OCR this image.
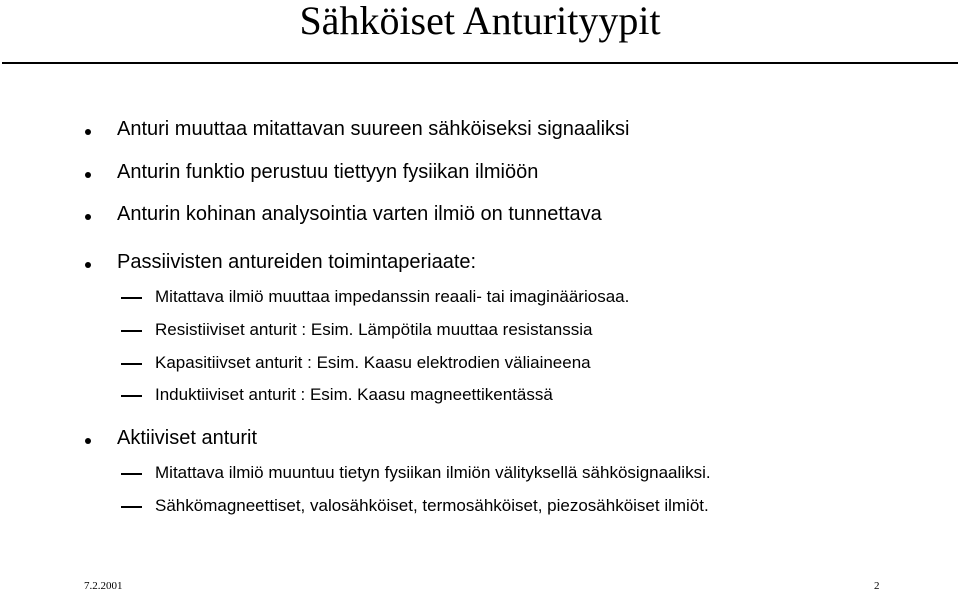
Sähköiset Anturityypit
Anturi muuttaa mitattavan suureen sähköiseksi signaaliksi
Anturin funktio perustuu tiettyyn fysiikan ilmiöön
Anturin kohinan analysointia varten ilmiö on tunnettava
Passiivisten antureiden toimintaperiaate:
Mitattava ilmiö muuttaa impedanssin reaali- tai imaginääriosaa.
Resistiiviset anturit : Esim. Lämpötila muuttaa resistanssia
Kapasitiivset anturit : Esim. Kaasu elektrodien väliaineena
Induktiiviset anturit : Esim. Kaasu magneettikentässä
Aktiiviset anturit
Mitattava ilmiö muuntuu tietyn fysiikan ilmiön välityksellä sähkösignaaliksi.
Sähkömagneettiset, valosähköiset, termosähköiset, piezosähköiset ilmiöt.
7.2.2001	2
